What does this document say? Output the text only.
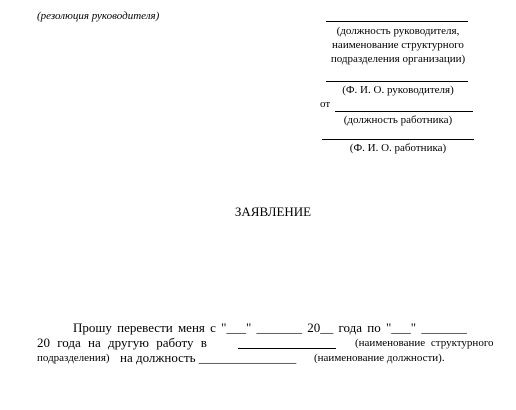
(резолюция руководителя)
(должность руководителя,
наименование структурного
подразделения организации)
(Ф. И. О. руководителя)
от
(должность работника)
(Ф. И. О. работника)
ЗАЯВЛЕНИЕ
Прошу перевести меня с "___" _______ 20__ года по "___" _______
20 года на другую работу в	(наименование структурного
подразделения) на должность _______________ (наименование должности).
